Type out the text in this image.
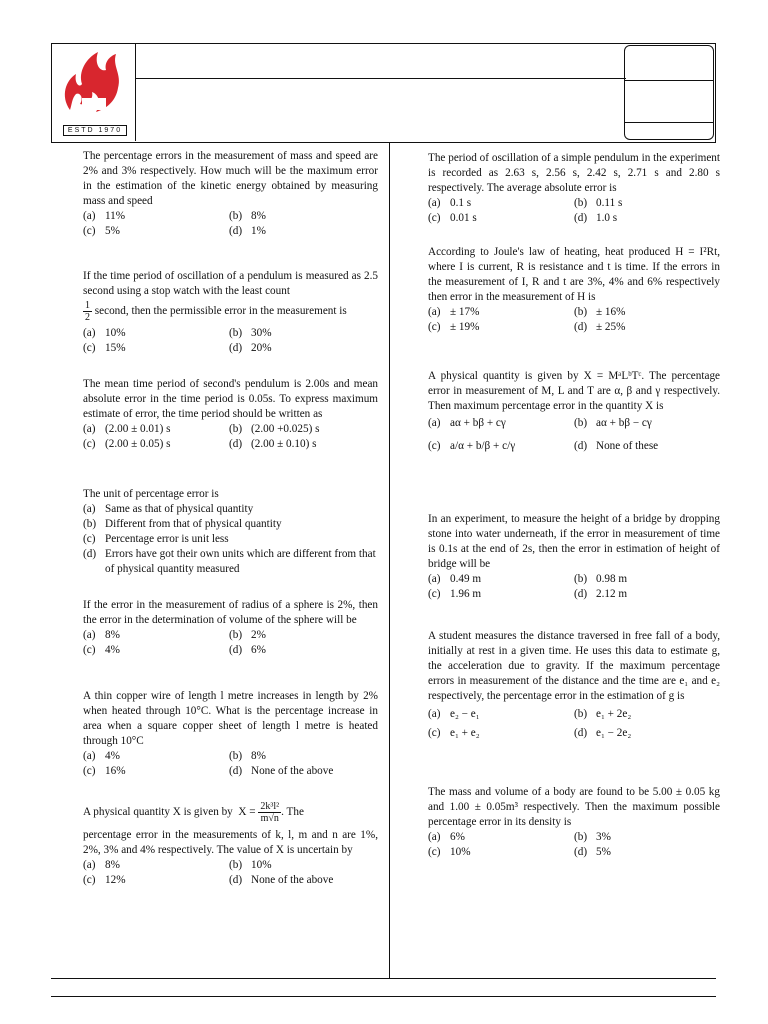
ESTD 1970

The percentage errors in the measurement of mass and speed are 2% and 3% respectively. How much will be the maximum error in the estimation of the kinetic energy obtained by measuring mass and speed

(a) 11%	(b) 8%
(c) 5%	(d) 1%

If the time period of oscillation of a pendulum is measured as 2.5 second using a stop watch with the least count

$\frac{1}{2}$ second, then the permissible error in the measurement is

(a) 10%	(b) 30%
(c) 15%	(d) 20%

The mean time period of second's pendulum is 2.00s and mean absolute error in the time period is 0.05s. To express maximum estimate of error, the time period should be written as

(a) (2.00 ± 0.01) s	(b) (2.00 +0.025) s
(c) (2.00 ± 0.05) s	(d) (2.00 ± 0.10) s

The unit of percentage error is

(a) Same as that of physical quantity
(b) Different from that of physical quantity
(c) Percentage error is unit less
(d) Errors have got their own units which are different from that of physical quantity measured

If the error in the measurement of radius of a sphere is 2%, then the error in the determination of volume of the sphere will be

(a) 8%	(b) 2%
(c) 4%	(d) 6%

A thin copper wire of length l metre increases in length by 2% when heated through 10°C. What is the percentage increase in area when a square copper sheet of length l metre is heated through 10°C

(a) 4%	(b) 8%
(c) 16%	(d) None of the above

A physical quantity X is given by $X = \frac{\text{2k³l²}}{m√n}$ . The

percentage error in the measurements of k, l, m and n are 1%, 2%, 3% and 4% respectively. The value of X is uncertain by

(a) 8%	(b) 10%
(c) 12%	(d) None of the above

The period of oscillation of a simple pendulum in the experiment is recorded as 2.63 s, 2.56 s, 2.42 s, 2.71 s and 2.80 s respectively. The average absolute error is

(a) 0.1 s	(b) 0.11 s
(c) 0.01 s	(d) 1.0 s

According to Joule's law of heating, heat produced H = I²Rt, where I is current, R is resistance and t is time. If the errors in the measurement of I, R and t are 3%, 4% and 6% respectively then error in the measurement of H is

(a) ± 17%	(b) ± 16%
(c) ± 19%	(d) ± 25%

A physical quantity is given by X = MᵃLᵇTᶜ. The percentage error in measurement of M, L and T are α, β and γ respectively. Then maximum percentage error in the quantity X is

(a) aα + bβ + cγ	(b) aα + bβ − cγ
(c) a/α + b/β + c/γ	(d) None of these

In an experiment, to measure the height of a bridge by dropping stone into water underneath, if the error in measurement of time is 0.1s at the end of 2s, then the error in estimation of height of bridge will be

(a) 0.49 m	(b) 0.98 m
(c) 1.96 m	(d) 2.12 m

A student measures the distance traversed in free fall of a body, initially at rest in a given time. He uses this data to estimate g, the acceleration due to gravity. If the maximum percentage errors in measurement of the distance and the time are e₁ and e₂ respectively, the percentage error in the estimation of g is

(a) e₂ − e₁	(b) e₁ + 2e₂
(c) e₁ + e₂	(d) e₁ − 2e₂

The mass and volume of a body are found to be 5.00 ± 0.05 kg and 1.00 ± 0.05m³ respectively. Then the maximum possible percentage error in its density is

(a) 6%	(b) 3%
(c) 10%	(d) 5%
